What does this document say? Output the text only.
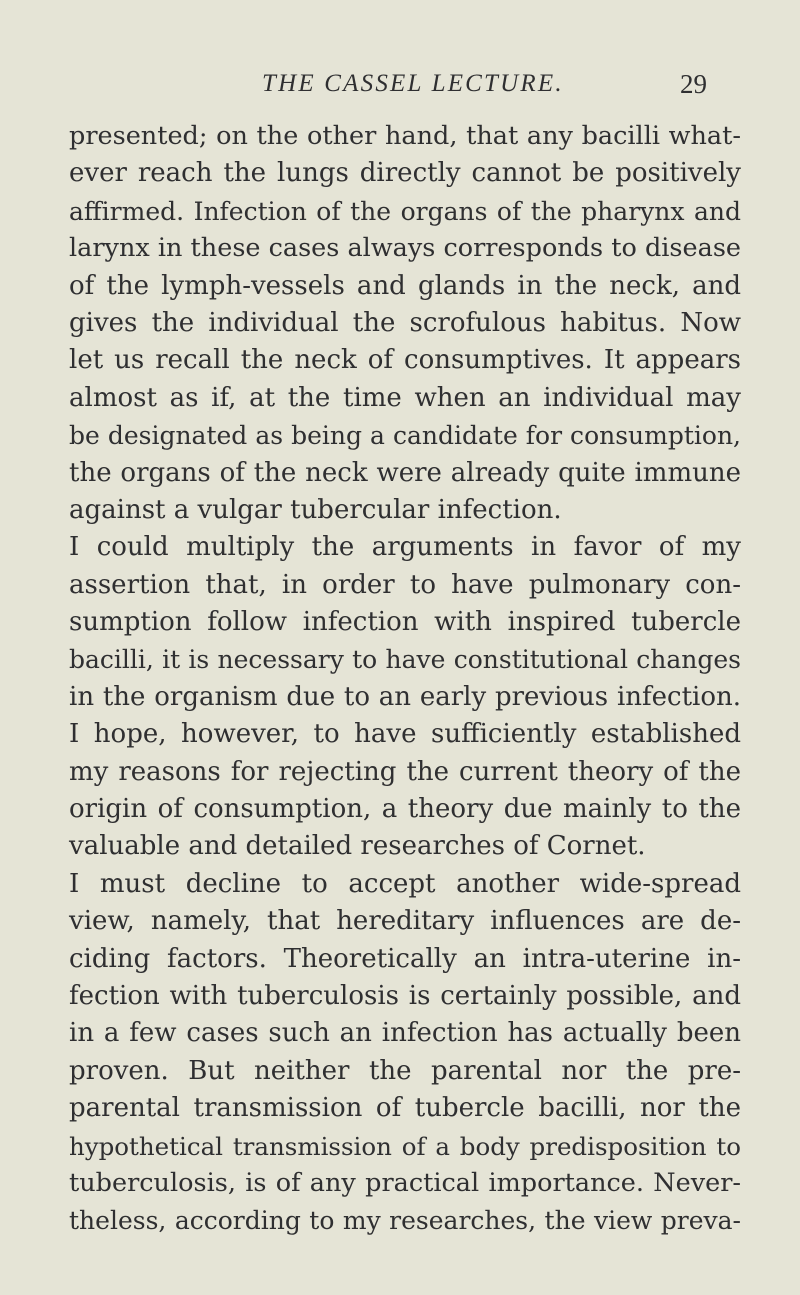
THE CASSEL LECTURE.	29
presented; on the other hand, that any bacilli what-
ever reach the lungs directly cannot be positively
affirmed. Infection of the organs of the pharynx and
larynx in these cases always corresponds to disease
of the lymph-vessels and glands in the neck, and
gives the individual the scrofulous habitus. Now
let us recall the neck of consumptives. It appears
almost as if, at the time when an individual may
be designated as being a candidate for consumption,
the organs of the neck were already quite immune
against a vulgar tubercular infection.
I could multiply the arguments in favor of my
assertion that, in order to have pulmonary con-
sumption follow infection with inspired tubercle
bacilli, it is necessary to have constitutional changes
in the organism due to an early previous infection.
I hope, however, to have sufficiently established
my reasons for rejecting the current theory of the
origin of consumption, a theory due mainly to the
valuable and detailed researches of Cornet.
I must decline to accept another wide-spread
view, namely, that hereditary influences are de-
ciding factors. Theoretically an intra-uterine in-
fection with tuberculosis is certainly possible, and
in a few cases such an infection has actually been
proven. But neither the parental nor the pre-
parental transmission of tubercle bacilli, nor the
hypothetical transmission of a body predisposition to
tuberculosis, is of any practical importance. Never-
theless, according to my researches, the view preva-
